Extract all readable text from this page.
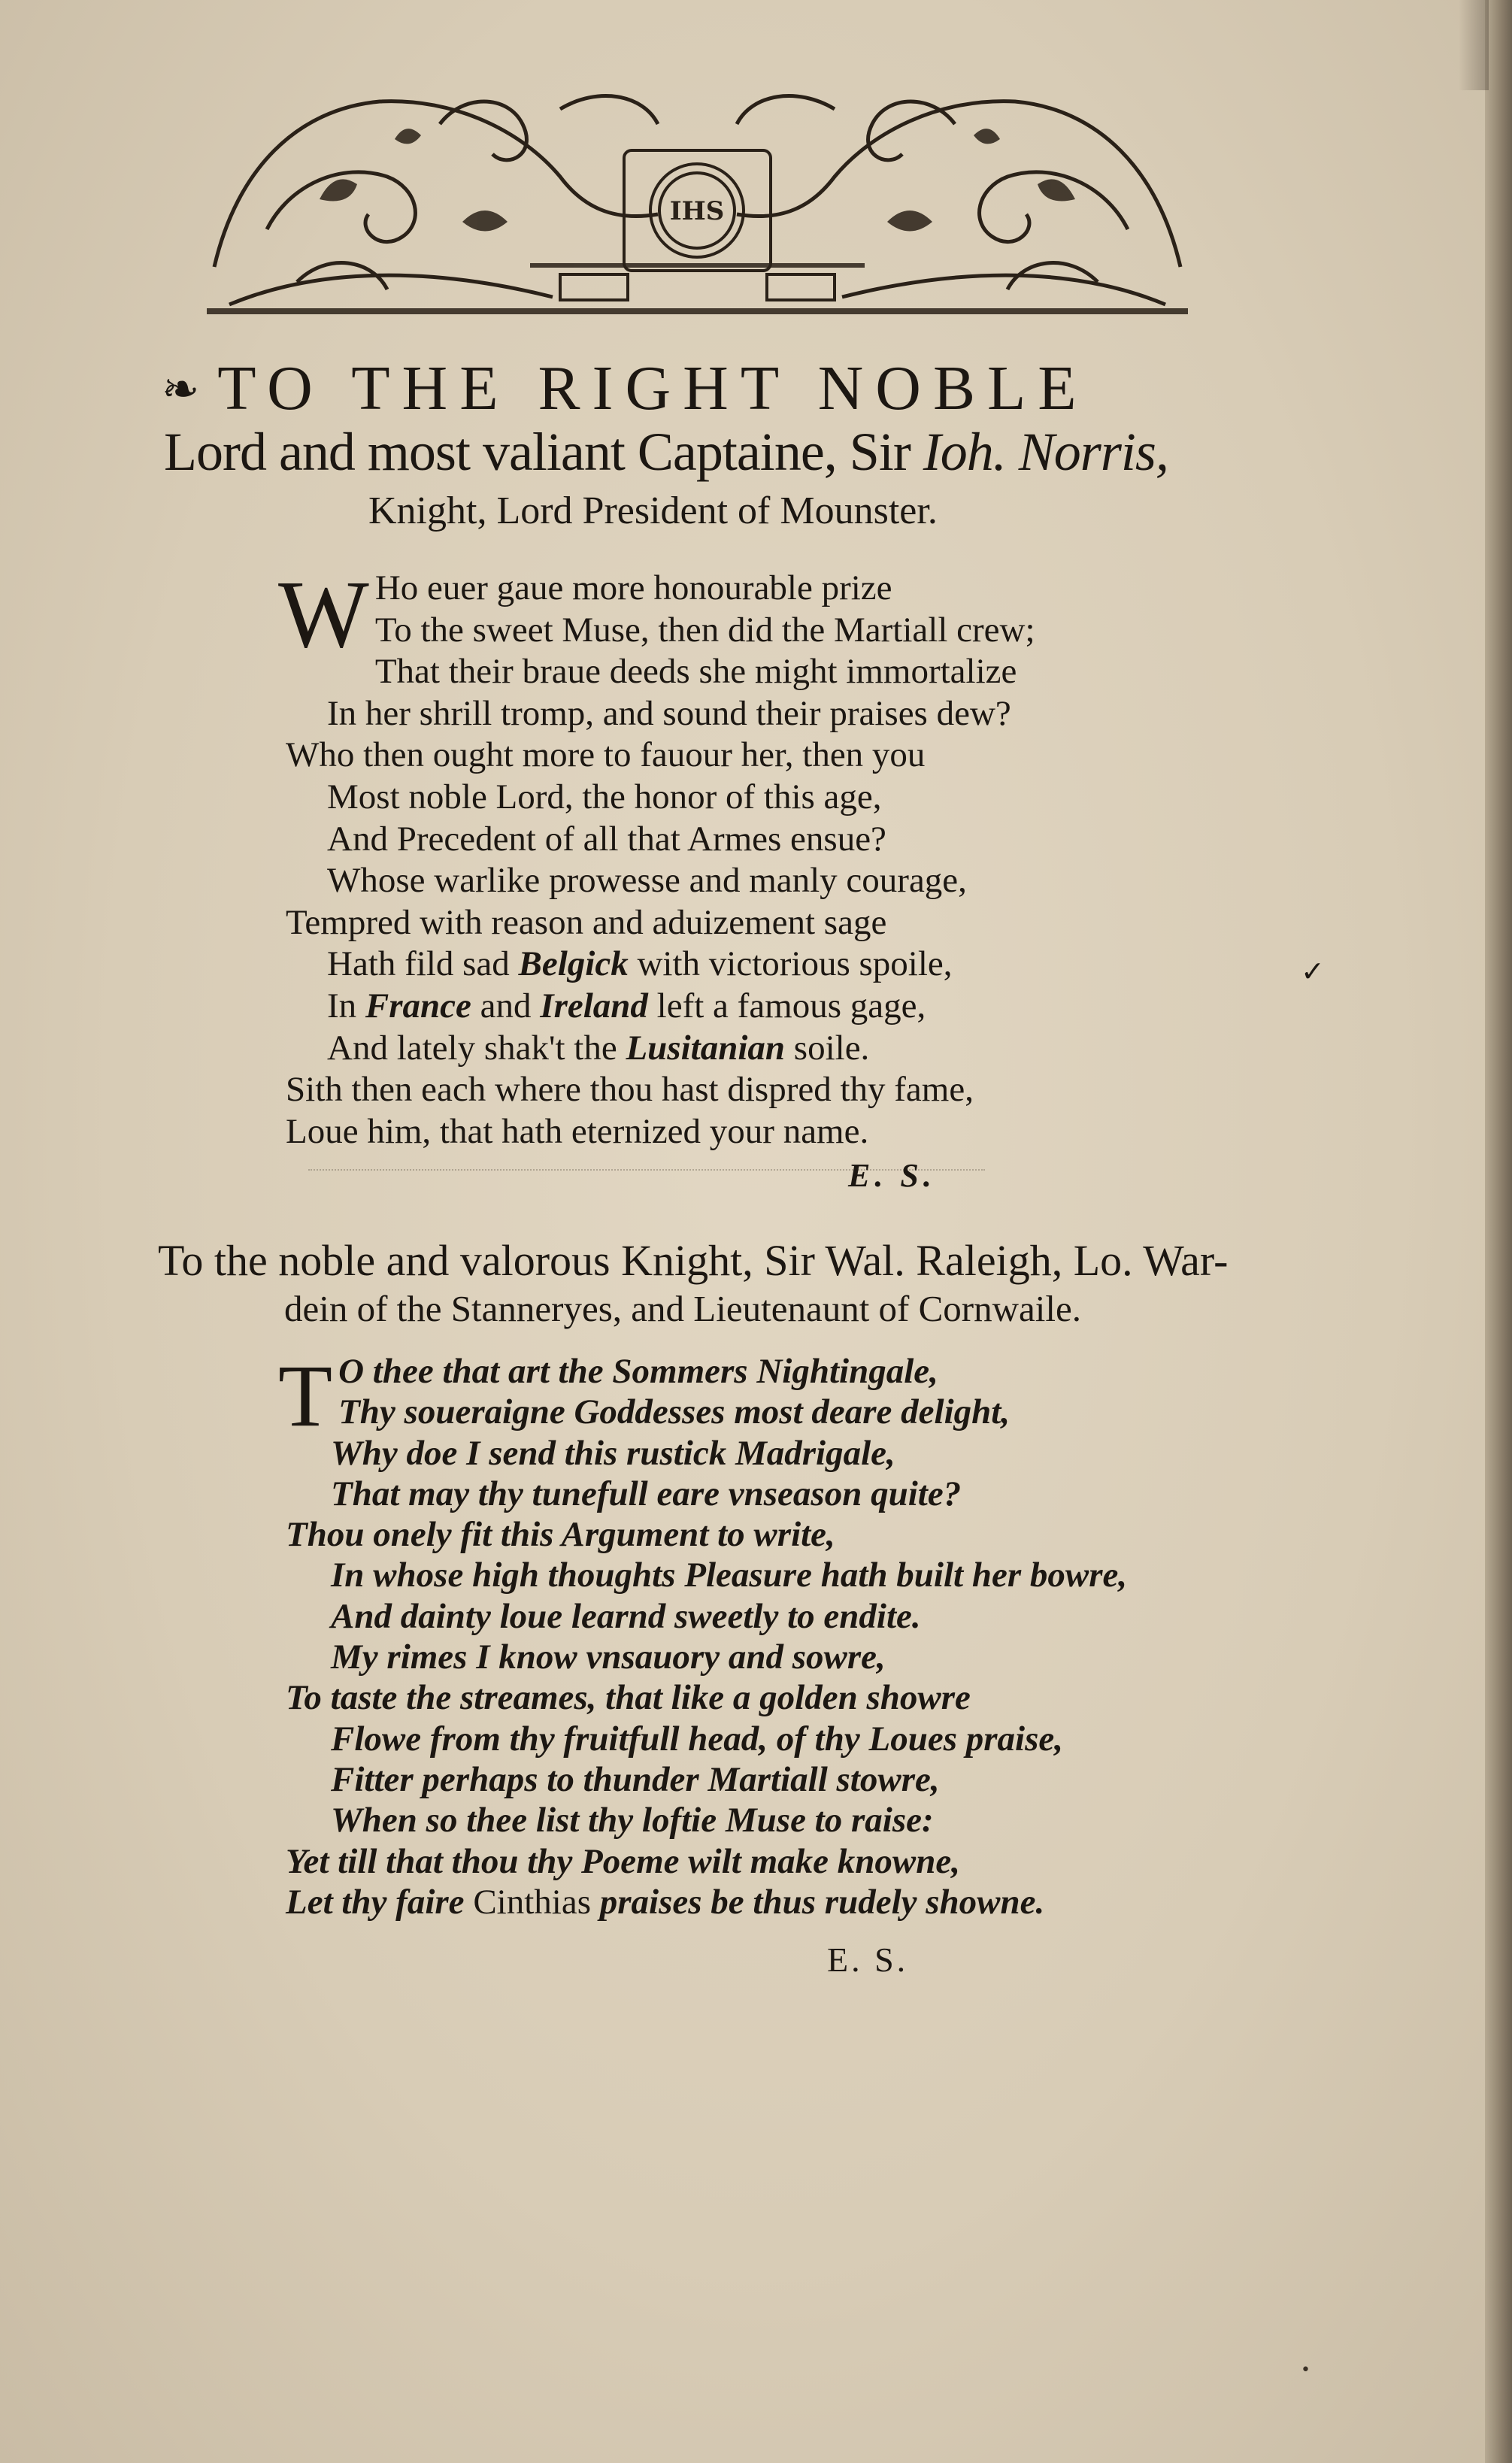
IHS
❧ TO THE RIGHT NOBLE
Lord and most valiant Captaine, Sir Ioh. Norris,
Knight, Lord President of Mounster.
W Ho euer gaue more honourable prize
To the sweet Muse, then did the Martiall crew;
That their braue deeds she might immortalize
In her shrill tromp, and sound their praises dew?
Who then ought more to fauour her, then you
Most noble Lord, the honor of this age,
And Precedent of all that Armes ensue?
Whose warlike prowesse and manly courage,
Tempred with reason and aduizement sage
Hath fild sad Belgick with victorious spoile,
In France and Ireland left a famous gage,
And lately shak't the Lusitanian soile.
Sith then each where thou hast dispred thy fame,
Loue him, that hath eternized your name.
E. S.
To the noble and valorous Knight, Sir Wal. Raleigh, Lo. War-
dein of the Stanneryes, and Lieutenaunt of Cornwaile.
T O thee that art the Sommers Nightingale,
Thy soueraigne Goddesses most deare delight,
Why doe I send this rustick Madrigale,
That may thy tunefull eare vnseason quite?
Thou onely fit this Argument to write,
In whose high thoughts Pleasure hath built her bowre,
And dainty loue learnd sweetly to endite.
My rimes I know vnsauory and sowre,
To taste the streames, that like a golden showre
Flowe from thy fruitfull head, of thy Loues praise,
Fitter perhaps to thunder Martiall stowre,
When so thee list thy loftie Muse to raise:
Yet till that thou thy Poeme wilt make knowne,
Let thy faire Cinthias praises be thus rudely showne.
E. S.
✓
•
